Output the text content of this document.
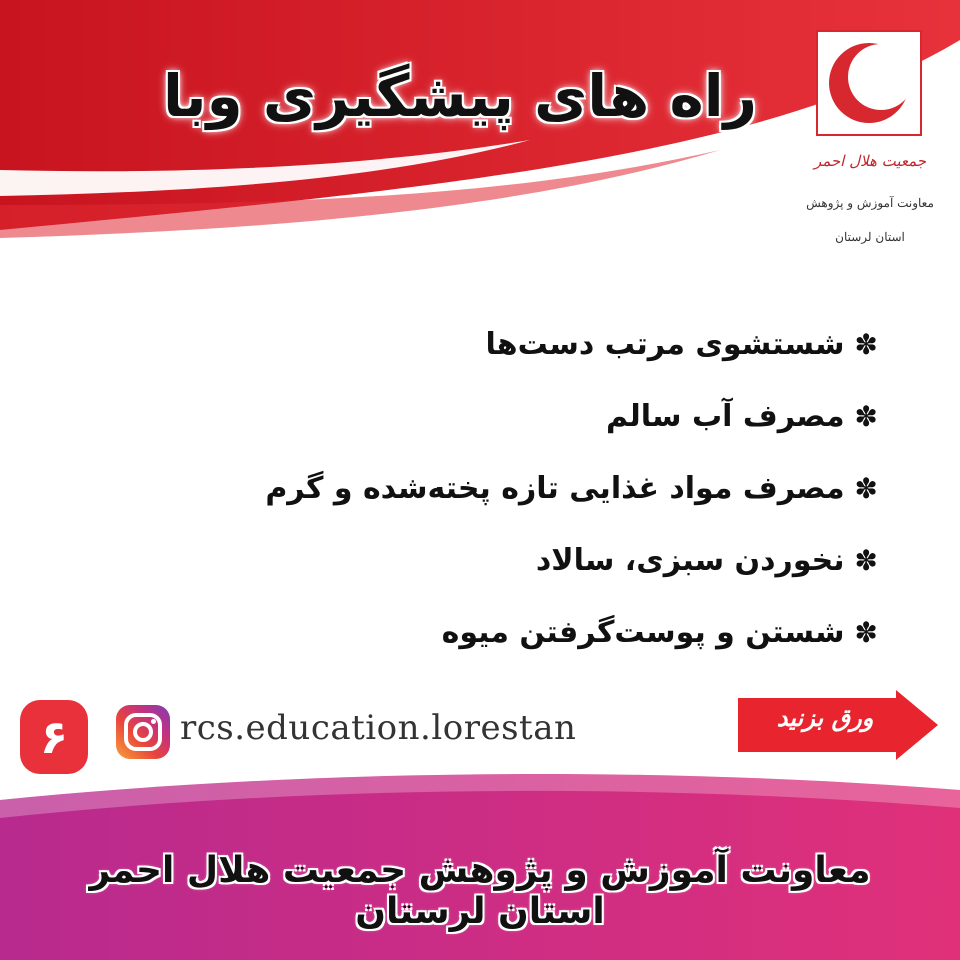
راه های پیشگیری وبا
جمعیت هلال احمر
معاونت آموزش و پژوهش
استان لرستان
✽
شستشوی مرتب دست‌ها
✽
مصرف آب سالم
✽
مصرف مواد غذایی تازه پخته‌شده و گرم
✽
نخوردن سبزی، سالاد
✽
شستن و پوست‌گرفتن میوه
۶	rcs.education.lorestan	ورق بزنید
معاونت آموزش و پژوهش جمعیت هلال احمر استان لرستان
